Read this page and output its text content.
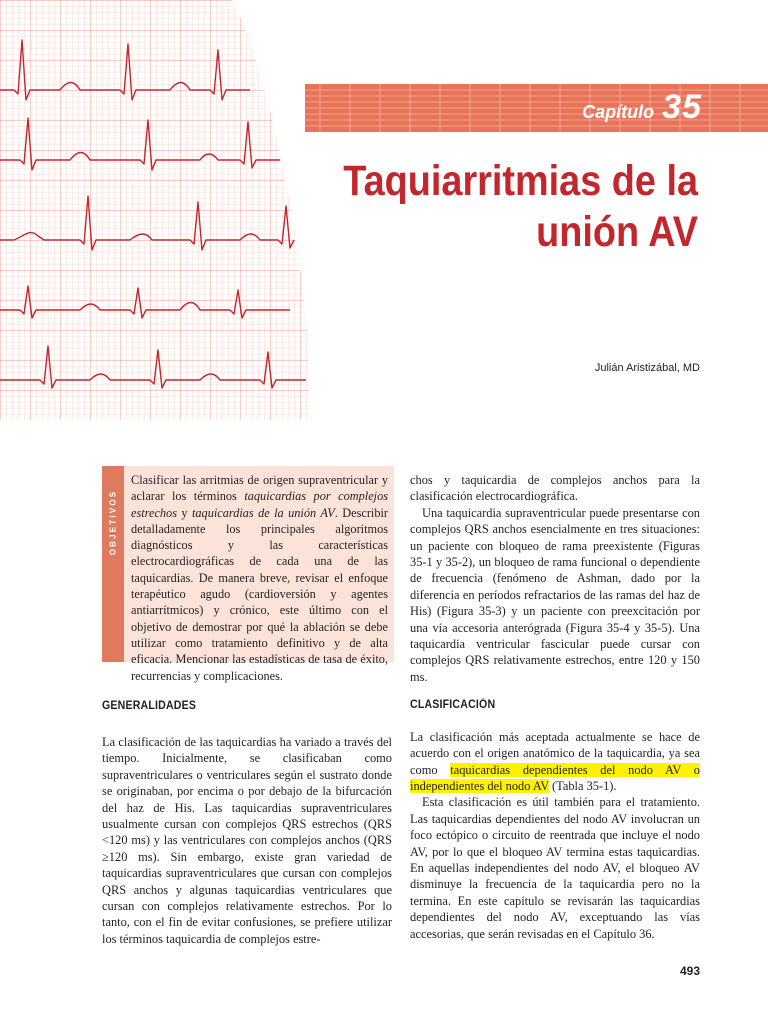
Capítulo 35
Taquiarritmias de la
unión AV
Julián Aristizábal, MD
OBJETIVOS

Clasificar las arritmias de origen supraventricular y aclarar los términos taquicardias por complejos estrechos y taquicardias de la unión AV. Describir detalladamente los principales algoritmos diagnósticos y las características electrocardiográficas de cada una de las taquicardias. De manera breve, revisar el enfoque terapéutico agudo (cardioversión y agentes antiarrítmicos) y crónico, este último con el objetivo de demostrar por qué la ablación se debe utilizar como tratamiento definitivo y de alta eficacia. Mencionar las estadísticas de tasa de éxito, recurrencias y complicaciones.

GENERALIDADES

La clasificación de las taquicardias ha variado a través del tiempo. Inicialmente, se clasificaban como supraventriculares o ventriculares según el sustrato donde se originaban, por encima o por debajo de la bifurcación del haz de His. Las taquicardias supraventriculares usualmente cursan con complejos QRS estrechos (QRS <120 ms) y las ventriculares con complejos anchos (QRS ≥120 ms). Sin embargo, existe gran variedad de taquicardias supraventriculares que cursan con complejos QRS anchos y algunas taquicardias ventriculares que cursan con complejos relativamente estrechos. Por lo tanto, con el fin de evitar confusiones, se prefiere utilizar los términos taquicardia de complejos estre-

chos y taquicardia de complejos anchos para la clasificación electrocardiográfica.

Una taquicardia supraventricular puede presentarse con complejos QRS anchos esencialmente en tres situaciones: un paciente con bloqueo de rama preexistente (Figuras 35-1 y 35-2), un bloqueo de rama funcional o dependiente de frecuencia (fenómeno de Ashman, dado por la diferencia en períodos refractarios de las ramas del haz de His) (Figura 35-3) y un paciente con preexcitación por una vía accesoria anterógrada (Figura 35-4 y 35-5). Una taquicardia ventricular fascicular puede cursar con complejos QRS relativamente estrechos, entre 120 y 150 ms.

CLASIFICACIÓN

La clasificación más aceptada actualmente se hace de acuerdo con el origen anatómico de la taquicardia, ya sea como taquicardias dependientes del nodo AV o independientes del nodo AV (Tabla 35-1).

Esta clasificación es útil también para el tratamiento. Las taquicardias dependientes del nodo AV involucran un foco ectópico o circuito de reentrada que incluye el nodo AV, por lo que el bloqueo AV termina estas taquicardias. En aquellas independientes del nodo AV, el bloqueo AV disminuye la frecuencia de la taquicardia pero no la termina. En este capítulo se revisarán las taquicardias dependientes del nodo AV, exceptuando las vías accesorias, que serán revisadas en el Capítulo 36.

493
